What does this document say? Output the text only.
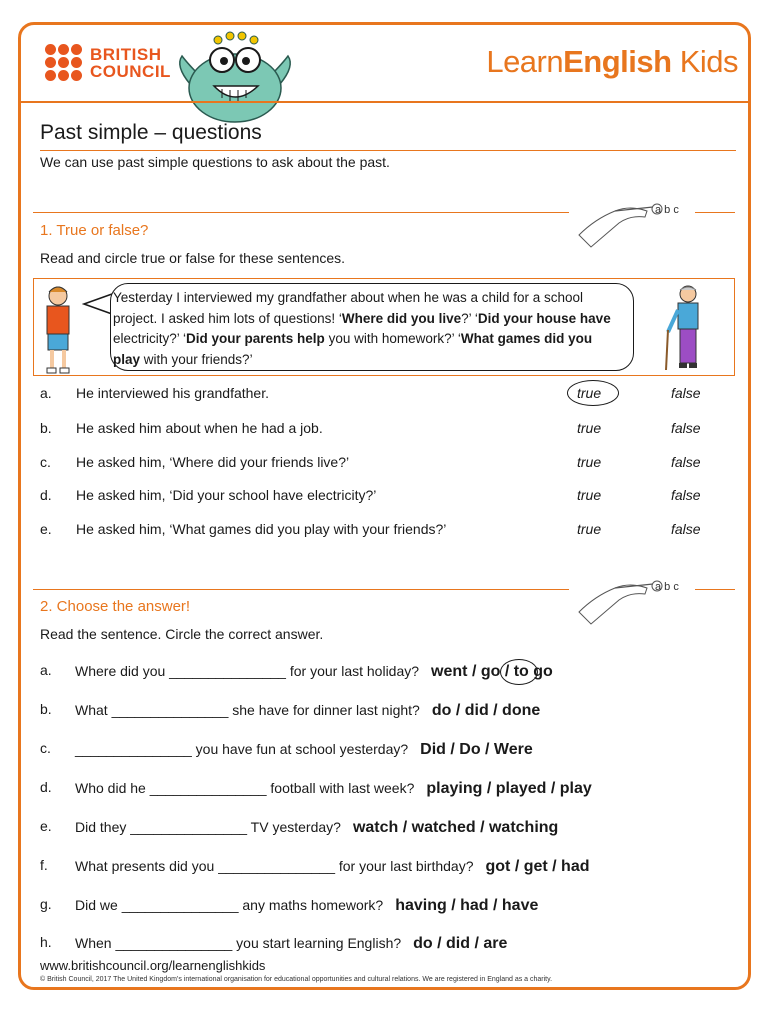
BRITISH
COUNCIL	LearnEnglish Kids
Past simple – questions
We can use past simple questions to ask about the past.
a b c
1. True or false?
Read and circle true or false for these sentences.
Yesterday I interviewed my grandfather about when he was a child for a school project. I asked him lots of questions! ‘Where did you live?’ ‘Did your house have electricity?’ ‘Did your parents help you with homework?’ ‘What games did you play with your friends?’
a. He interviewed his grandfather.	true	false
b. He asked him about when he had a job.	true	false
c. He asked him, ‘Where did your friends live?’	true	false
d. He asked him, ‘Did your school have electricity?’	true	false
e. He asked him, ‘What games did you play with your friends?’	true	false
a b c
2. Choose the answer!
Read the sentence. Circle the correct answer.
a. Where did you _______________ for your last holiday? went / go / to go
b. What _______________ she have for dinner last night? do / did / done
c. _______________ you have fun at school yesterday? Did / Do / Were
d. Who did he _______________ football with last week? playing / played / play
e. Did they _______________ TV yesterday? watch / watched / watching
f. What presents did you _______________ for your last birthday? got / get / had
g. Did we _______________ any maths homework? having / had / have
h. When _______________ you start learning English? do / did / are
www.britishcouncil.org/learnenglishkids
© British Council, 2017 The United Kingdom’s international organisation for educational opportunities and cultural relations. We are registered in England as a charity.
